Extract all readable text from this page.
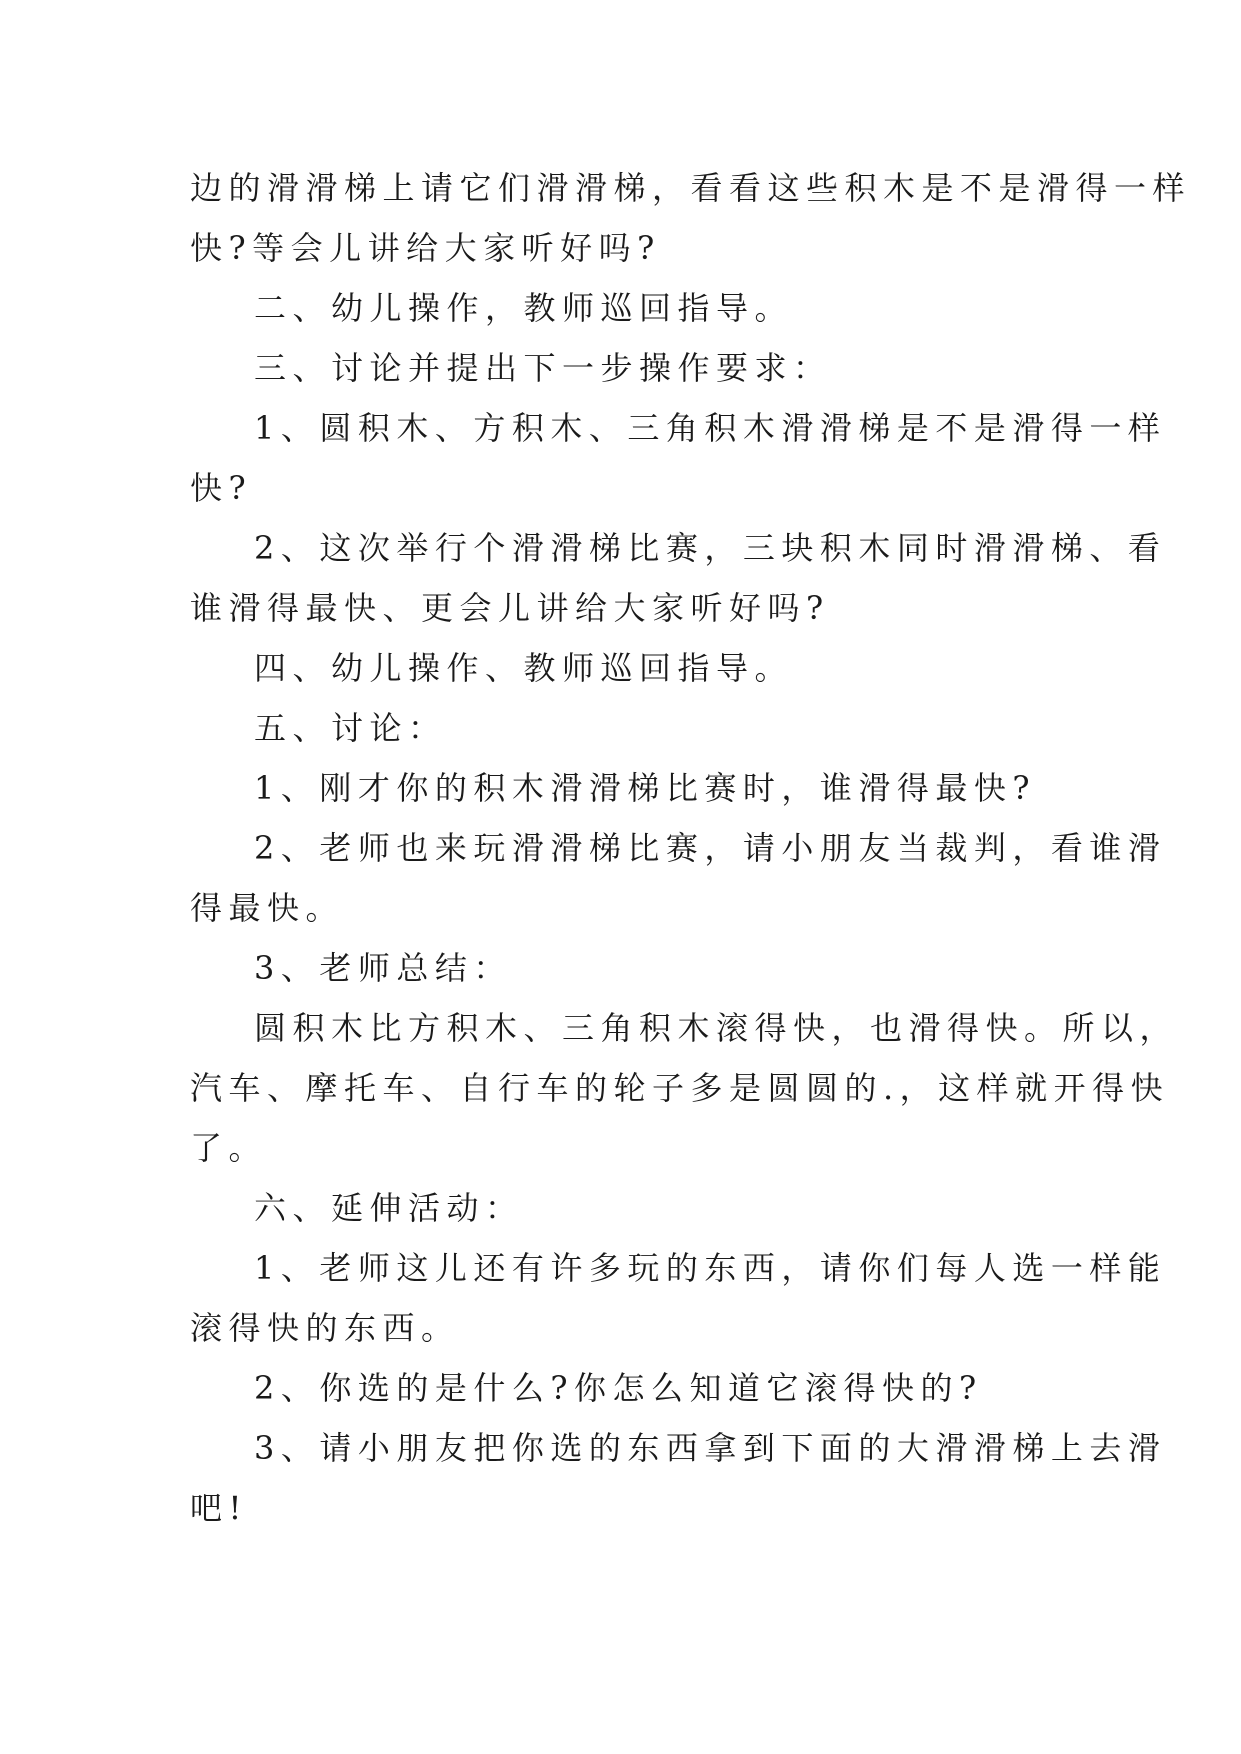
边的滑滑梯上请它们滑滑梯，看看这些积木是不是滑得一样
快?等会儿讲给大家听好吗?
二、幼儿操作，教师巡回指导。
三、讨论并提出下一步操作要求：
1、圆积木、方积木、三角积木滑滑梯是不是滑得一样
快?
2、这次举行个滑滑梯比赛，三块积木同时滑滑梯、看
谁滑得最快、更会儿讲给大家听好吗?
四、幼儿操作、教师巡回指导。
五、讨论：
1、刚才你的积木滑滑梯比赛时，谁滑得最快?
2、老师也来玩滑滑梯比赛，请小朋友当裁判，看谁滑
得最快。
3、老师总结：
圆积木比方积木、三角积木滚得快，也滑得快。所以，
汽车、摩托车、自行车的轮子多是圆圆的.，这样就开得快
了。
六、延伸活动：
1、老师这儿还有许多玩的东西，请你们每人选一样能
滚得快的东西。
2、你选的是什么?你怎么知道它滚得快的?
3、请小朋友把你选的东西拿到下面的大滑滑梯上去滑
吧!
